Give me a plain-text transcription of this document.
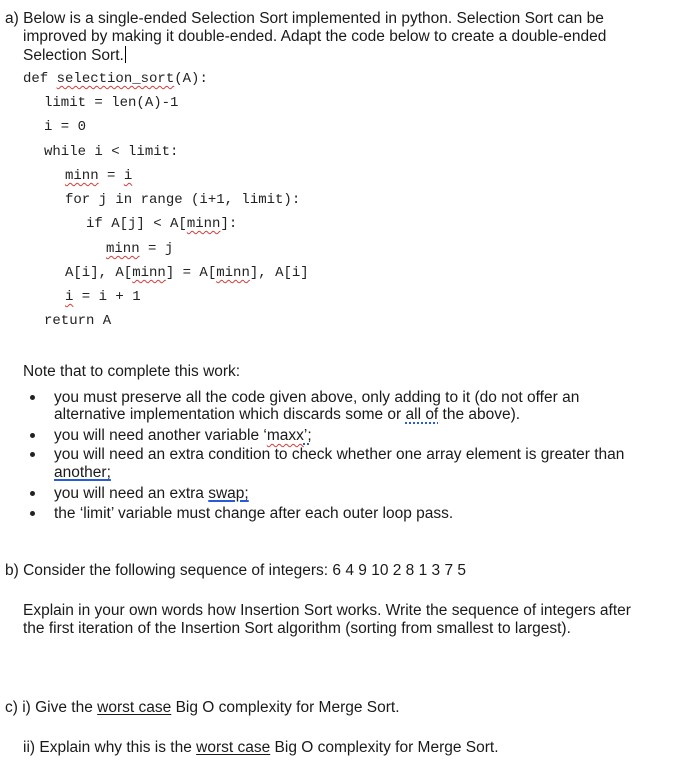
a) Below is a single-ended Selection Sort implemented in python. Selection Sort can be
improved by making it double-ended. Adapt the code below to create a double-ended
Selection Sort.
def selection_sort(A):
limit = len(A)-1
i = 0
while i < limit:
minn = i
for j in range (i+1, limit):
if A[j] < A[minn]:
minn = j
A[i], A[minn] = A[minn], A[i]
i = i + 1
return A
Note that to complete this work:
you must preserve all the code given above, only adding to it (do not offer an
alternative implementation which discards some or all of the above).
you will need another variable ‘maxx’;
you will need an extra condition to check whether one array element is greater than
another;
you will need an extra swap;
the ‘limit’ variable must change after each outer loop pass.
b) Consider the following sequence of integers: 6 4 9 10 2 8 1 3 7 5
Explain in your own words how Insertion Sort works. Write the sequence of integers after
the first iteration of the Insertion Sort algorithm (sorting from smallest to largest).
c) i) Give the worst case Big O complexity for Merge Sort.
ii) Explain why this is the worst case Big O complexity for Merge Sort.
